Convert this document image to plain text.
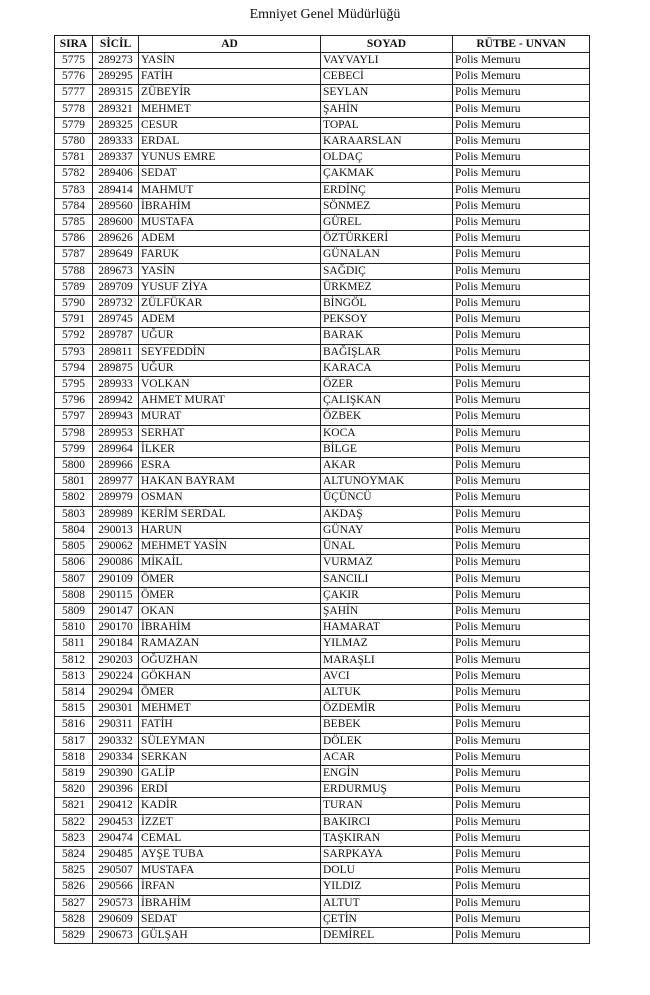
Emniyet Genel Müdürlüğü
SIRA	SİCİL	AD	SOYAD	RÜTBE - UNVAN
5775	289273	YASİN	VAYVAYLI	Polis Memuru
5776	289295	FATİH	CEBECİ	Polis Memuru
5777	289315	ZÜBEYİR	SEYLAN	Polis Memuru
5778	289321	MEHMET	ŞAHİN	Polis Memuru
5779	289325	CESUR	TOPAL	Polis Memuru
5780	289333	ERDAL	KARAARSLAN	Polis Memuru
5781	289337	YUNUS EMRE	OLDAÇ	Polis Memuru
5782	289406	SEDAT	ÇAKMAK	Polis Memuru
5783	289414	MAHMUT	ERDİNÇ	Polis Memuru
5784	289560	İBRAHİM	SÖNMEZ	Polis Memuru
5785	289600	MUSTAFA	GÜREL	Polis Memuru
5786	289626	ADEM	ÖZTÜRKERİ	Polis Memuru
5787	289649	FARUK	GÜNALAN	Polis Memuru
5788	289673	YASİN	SAĞDIÇ	Polis Memuru
5789	289709	YUSUF ZİYA	ÜRKMEZ	Polis Memuru
5790	289732	ZÜLFÜKAR	BİNGÖL	Polis Memuru
5791	289745	ADEM	PEKSOY	Polis Memuru
5792	289787	UĞUR	BARAK	Polis Memuru
5793	289811	SEYFEDDİN	BAĞIŞLAR	Polis Memuru
5794	289875	UĞUR	KARACA	Polis Memuru
5795	289933	VOLKAN	ÖZER	Polis Memuru
5796	289942	AHMET MURAT	ÇALIŞKAN	Polis Memuru
5797	289943	MURAT	ÖZBEK	Polis Memuru
5798	289953	SERHAT	KOCA	Polis Memuru
5799	289964	İLKER	BİLGE	Polis Memuru
5800	289966	ESRA	AKAR	Polis Memuru
5801	289977	HAKAN BAYRAM	ALTUNOYMAK	Polis Memuru
5802	289979	OSMAN	ÜÇÜNCÜ	Polis Memuru
5803	289989	KERİM SERDAL	AKDAŞ	Polis Memuru
5804	290013	HARUN	GÜNAY	Polis Memuru
5805	290062	MEHMET YASİN	ÜNAL	Polis Memuru
5806	290086	MİKAİL	VURMAZ	Polis Memuru
5807	290109	ÖMER	SANCILI	Polis Memuru
5808	290115	ÖMER	ÇAKIR	Polis Memuru
5809	290147	OKAN	ŞAHİN	Polis Memuru
5810	290170	İBRAHİM	HAMARAT	Polis Memuru
5811	290184	RAMAZAN	YILMAZ	Polis Memuru
5812	290203	OĞUZHAN	MARAŞLI	Polis Memuru
5813	290224	GÖKHAN	AVCI	Polis Memuru
5814	290294	ÖMER	ALTUK	Polis Memuru
5815	290301	MEHMET	ÖZDEMİR	Polis Memuru
5816	290311	FATİH	BEBEK	Polis Memuru
5817	290332	SÜLEYMAN	DÖLEK	Polis Memuru
5818	290334	SERKAN	ACAR	Polis Memuru
5819	290390	GALİP	ENGİN	Polis Memuru
5820	290396	ERDİ	ERDURMUŞ	Polis Memuru
5821	290412	KADİR	TURAN	Polis Memuru
5822	290453	İZZET	BAKIRCI	Polis Memuru
5823	290474	CEMAL	TAŞKIRAN	Polis Memuru
5824	290485	AYŞE TUBA	SARPKAYA	Polis Memuru
5825	290507	MUSTAFA	DOLU	Polis Memuru
5826	290566	İRFAN	YILDIZ	Polis Memuru
5827	290573	İBRAHİM	ALTUT	Polis Memuru
5828	290609	SEDAT	ÇETİN	Polis Memuru
5829	290673	GÜLŞAH	DEMİREL	Polis Memuru
